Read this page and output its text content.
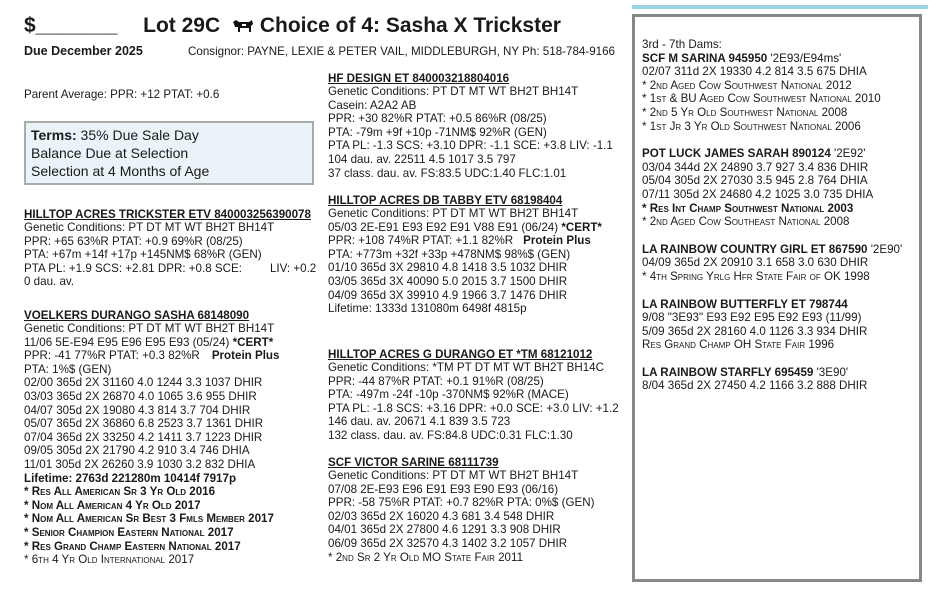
$_______ Lot 29C Choice of 4: Sasha X Trickster
Due December 2025	Consignor: PAYNE, LEXIE & PETER VAIL, MIDDLEBURGH, NY Ph: 518-784-9166
Parent Average: PPR: +12 PTAT: +0.6
Terms: 35% Due Sale Day
Balance Due at Selection
Selection at 4 Months of Age
HILLTOP ACRES TRICKSTER ETV 840003256390078
Genetic Conditions: PT DT MT WT BH2T BH14T
PPR: +65 63%R PTAT: +0.9 69%R (08/25)
PTA: +67m +14f +17p +145NM$ 68%R (GEN)
PTA PL: +1.9 SCS: +2.81 DPR: +0.8 SCE: LIV: +0.2
0 dau. av.
VOELKERS DURANGO SASHA 68148090
Genetic Conditions: PT DT MT WT BH2T BH14T
11/06 5E-E94 E95 E96 E95 E93 (05/24) *CERT*
PPR: -41 77%R PTAT: +0.3 82%R Protein Plus
PTA: 1%$ (GEN)
02/00 365d 2X 31160 4.0 1244 3.3 1037 DHIR
03/03 365d 2X 26870 4.0 1065 3.6 955 DHIR
04/07 305d 2X 19080 4.3 814 3.7 704 DHIR
05/07 365d 2X 36860 6.8 2523 3.7 1361 DHIR
07/04 365d 2X 33250 4.2 1411 3.7 1223 DHIR
09/05 305d 2X 21790 4.2 910 3.4 746 DHIA
11/01 305d 2X 26260 3.9 1030 3.2 832 DHIA
Lifetime: 2763d 221280m 10414f 7917p
* Res All American Sr 3 Yr Old 2016
* Nom All American 4 Yr Old 2017
* Nom All American Sr Best 3 Fmls Member 2017
* Senior Champion Eastern National 2017
* Res Grand Champ Eastern National 2017
* 6th 4 Yr Old International 2017
HF DESIGN ET 840003218804016
Genetic Conditions: PT DT MT WT BH2T BH14T
Casein: A2A2 AB
PPR: +30 82%R PTAT: +0.5 86%R (08/25)
PTA: -79m +9f +10p -71NM$ 92%R (GEN)
PTA PL: -1.3 SCS: +3.10 DPR: -1.1 SCE: +3.8 LIV: -1.1
104 dau. av. 22511 4.5 1017 3.5 797
37 class. dau. av. FS:83.5 UDC:1.40 FLC:1.01
HILLTOP ACRES DB TABBY ETV 68198404
Genetic Conditions: PT DT MT WT BH2T BH14T
05/03 2E-E91 E93 E92 E91 V88 E91 (06/24) *CERT*
PPR: +108 74%R PTAT: +1.1 82%R Protein Plus
PTA: +773m +32f +33p +478NM$ 98%$ (GEN)
01/10 365d 3X 29810 4.8 1418 3.5 1032 DHIR
03/05 365d 3X 40090 5.0 2015 3.7 1500 DHIR
04/09 365d 3X 39910 4.9 1966 3.7 1476 DHIR
Lifetime: 1333d 131080m 6498f 4815p
HILLTOP ACRES G DURANGO ET *TM 68121012
Genetic Conditions: *TM PT DT MT WT BH2T BH14C
PPR: -44 87%R PTAT: +0.1 91%R (08/25)
PTA: -497m -24f -10p -370NM$ 92%R (MACE)
PTA PL: -1.8 SCS: +3.16 DPR: +0.0 SCE: +3.0 LIV: +1.2
146 dau. av. 20671 4.1 839 3.5 723
132 class. dau. av. FS:84.8 UDC:0.31 FLC:1.30
SCF VICTOR SARINE 68111739
Genetic Conditions: PT DT MT WT BH2T BH14T
07/08 2E-E93 E96 E91 E93 E90 E93 (06/16)
PPR: -58 75%R PTAT: +0.7 82%R PTA: 0%$ (GEN)
02/03 365d 2X 16020 4.3 681 3.4 548 DHIR
04/01 365d 2X 27800 4.6 1291 3.3 908 DHIR
06/09 365d 2X 32570 4.3 1402 3.2 1057 DHIR
* 2nd Sr 2 Yr Old MO State Fair 2011
3rd - 7th Dams:
SCF M SARINA 945950 '2E93/E94ms'
02/07 311d 2X 19330 4.2 814 3.5 675 DHIA
* 2nd Aged Cow Southwest National 2012
* 1st & BU Aged Cow Southwest National 2010
* 2nd 5 Yr Old Southwest National 2008
* 1st Jr 3 Yr Old Southwest National 2006
POT LUCK JAMES SARAH 890124 '2E92'
03/04 344d 2X 24890 3.7 927 3.4 836 DHIR
05/04 305d 2X 27030 3.5 945 2.8 764 DHIA
07/11 305d 2X 24680 4.2 1025 3.0 735 DHIA
* Res Int Champ Southwest National 2003
* 2nd Aged Cow Southeast National 2008
LA RAINBOW COUNTRY GIRL ET 867590 '2E90'
04/09 365d 2X 20910 3.1 658 3.0 630 DHIR
* 4th Spring Yrlg Hfr State Fair of OK 1998
LA RAINBOW BUTTERFLY ET 798744
9/08 "3E93" E93 E92 E95 E92 E93 (11/99)
5/09 365d 2X 28160 4.0 1126 3.3 934 DHIR
Res Grand Champ OH State Fair 1996
LA RAINBOW STARFLY 695459 '3E90'
8/04 365d 2X 27450 4.2 1166 3.2 888 DHIR
